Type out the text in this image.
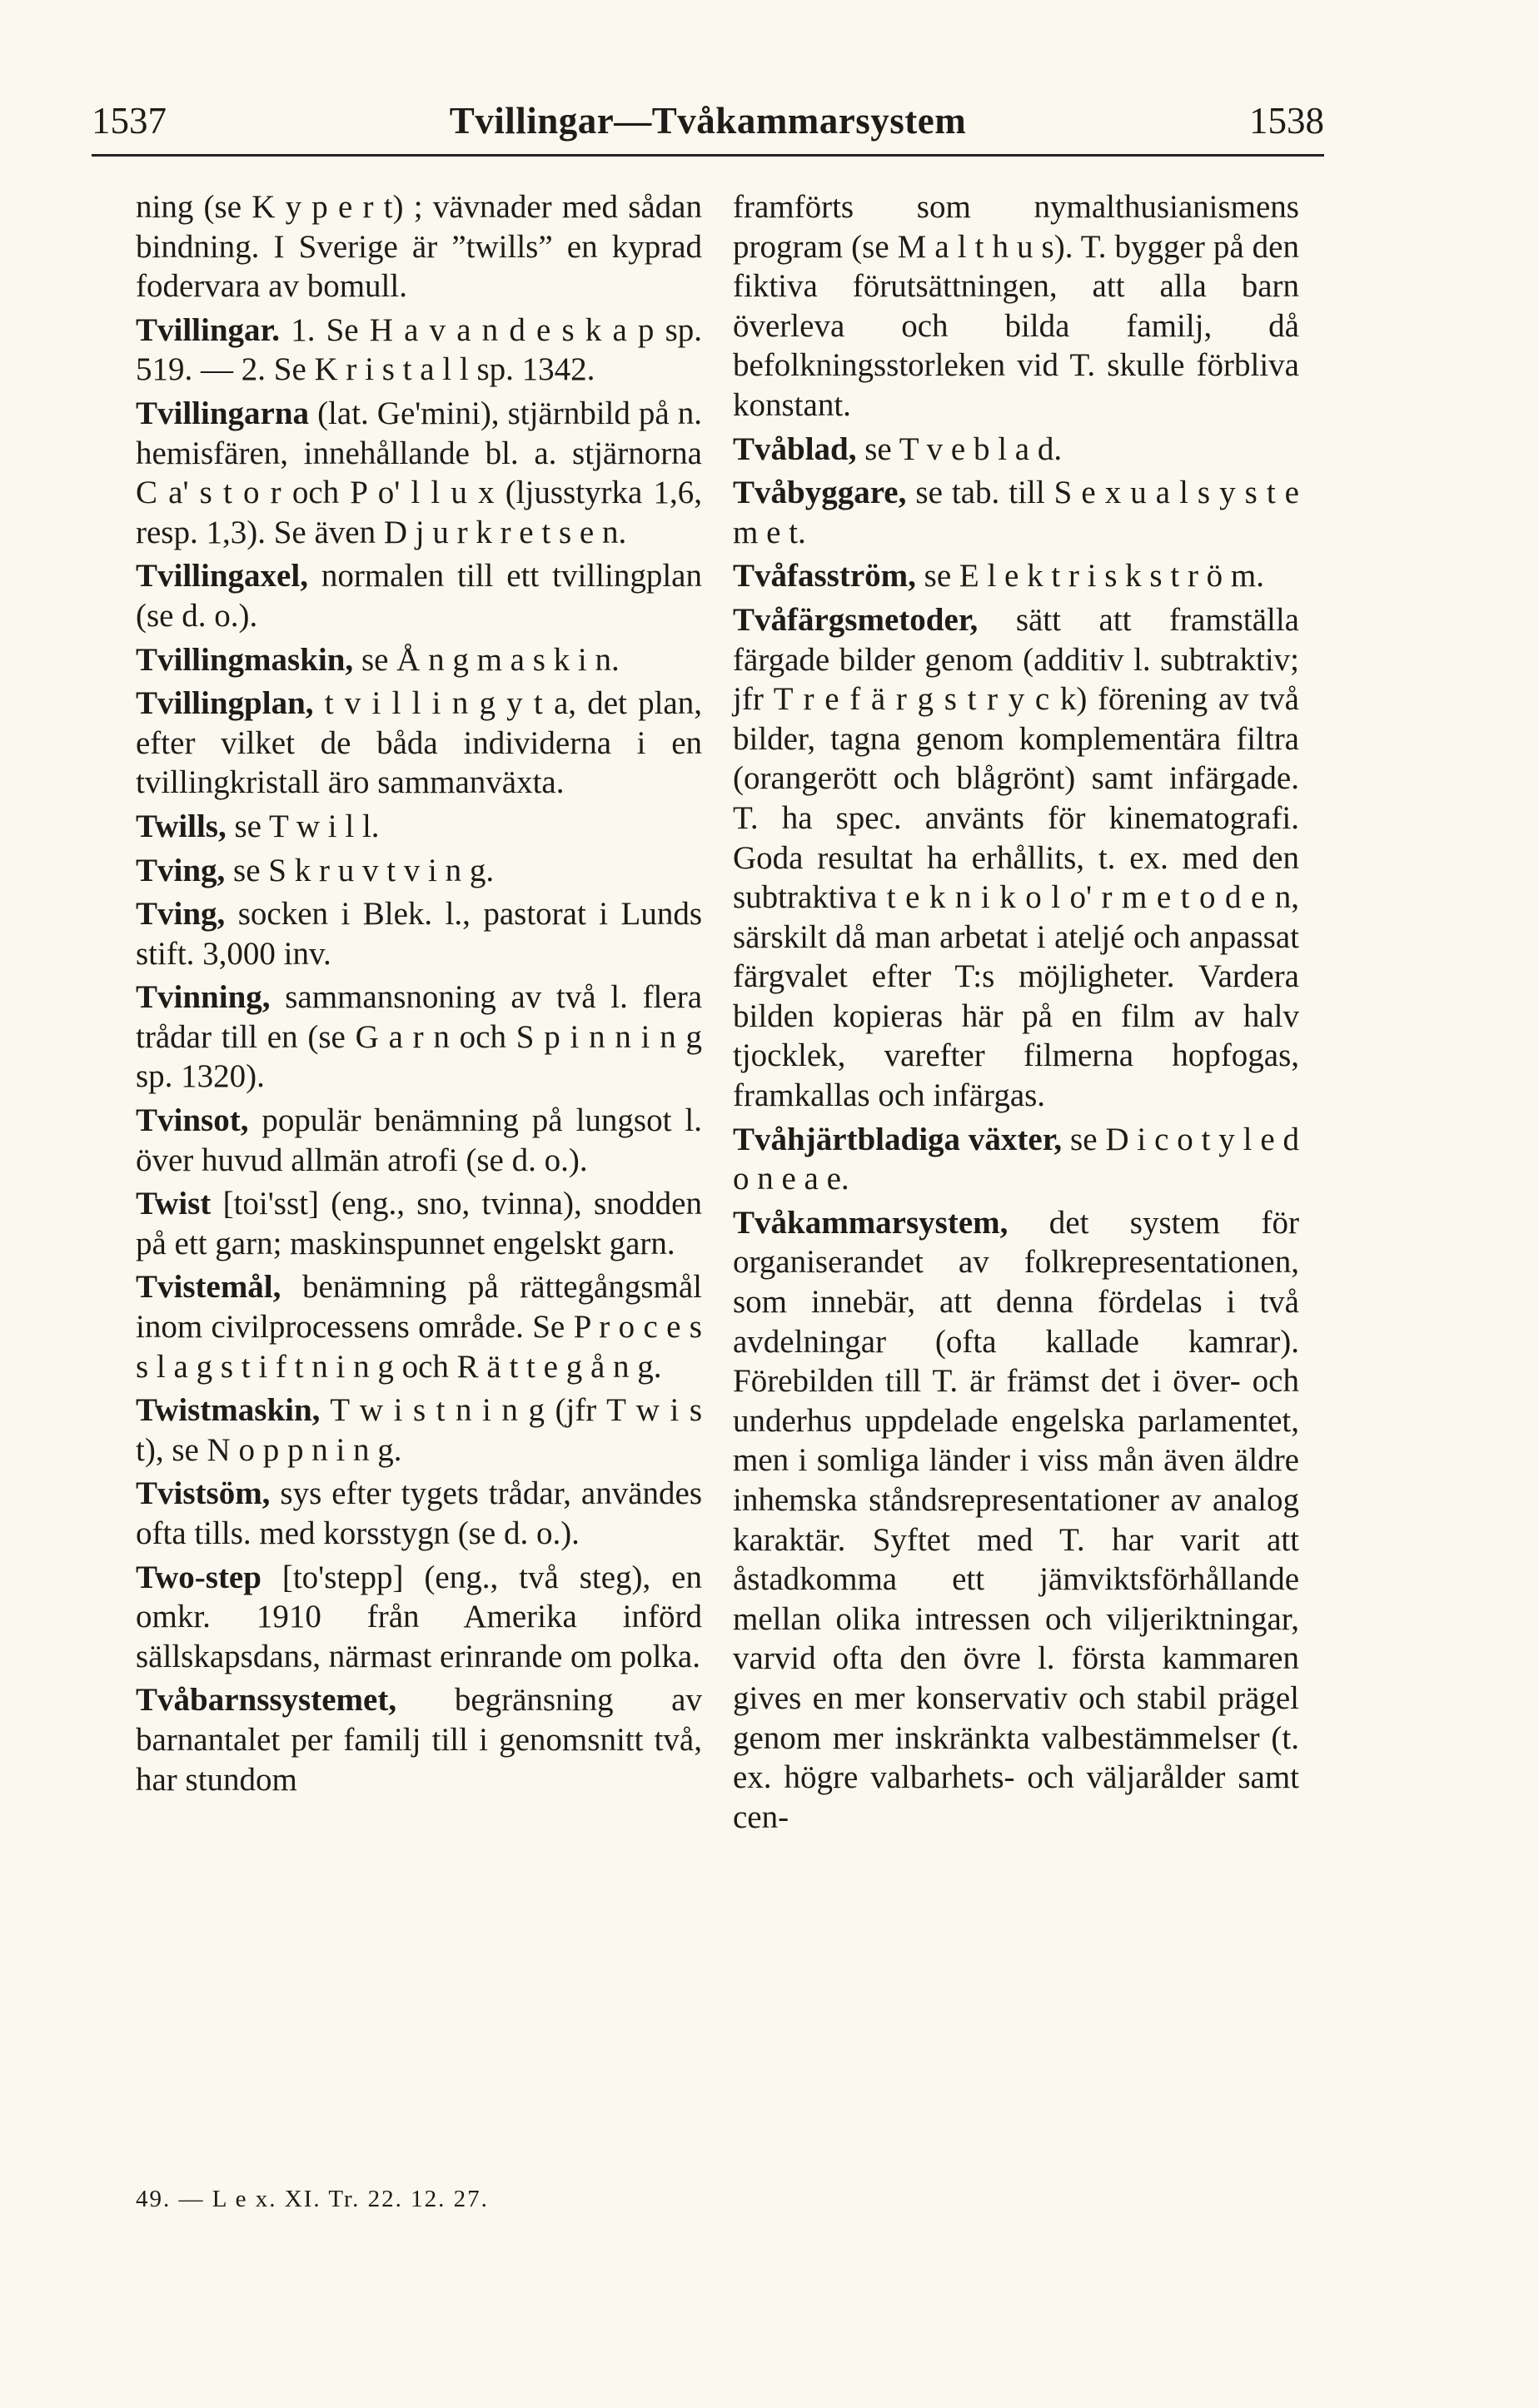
1537	Tvillingar—Tvåkammarsystem	1538

ning (se K y p e r t) ; vävnader med sådan bindning. I Sverige är ”twills” en kyprad fodervara av bomull.

Tvillingar. 1. Se H a v a n d e s k a p sp. 519. — 2. Se K r i s t a l l sp. 1342.

Tvillingarna (lat. Ge'mini), stjärnbild på n. hemisfären, innehållande bl. a. stjärnorna C a' s t o r och P o' l l u x (ljusstyrka 1,6, resp. 1,3). Se även D j u r k r e t s e n.

Tvillingaxel, normalen till ett tvillingplan (se d. o.).

Tvillingmaskin, se Å n g m a s k i n.

Tvillingplan, t v i l l i n g y t a, det plan, efter vilket de båda individerna i en tvillingkristall äro sammanväxta.

Twills, se T w i l l.

Tving, se S k r u v t v i n g.

Tving, socken i Blek. l., pastorat i Lunds stift. 3,000 inv.

Tvinning, sammansnoning av två l. flera trådar till en (se G a r n och S p i n n i n g sp. 1320).

Tvinsot, populär benämning på lungsot l. över huvud allmän atrofi (se d. o.).

Twist [toi'sst] (eng., sno, tvinna), snodden på ett garn; maskinspunnet engelskt garn.

Tvistemål, benämning på rättegångsmål inom civilprocessens område. Se P r o c e s s l a g s t i f t n i n g och R ä t t e g å n g.

Twistmaskin, T w i s t n i n g (jfr T w i s t), se N o p p n i n g.

Tvistsöm, sys efter tygets trådar, användes ofta tills. med korsstygn (se d. o.).

Two-step [to'stepp] (eng., två steg), en omkr. 1910 från Amerika införd sällskapsdans, närmast erinrande om polka.

Tvåbarnssystemet, begränsning av barnantalet per familj till i genomsnitt två, har stundom

framförts som nymalthusianismens program (se M a l t h u s). T. bygger på den fiktiva förutsättningen, att alla barn överleva och bilda familj, då befolkningsstorleken vid T. skulle förbliva konstant.

Tvåblad, se T v e b l a d.

Tvåbyggare, se tab. till S e x u a l s y s t e m e t.

Tvåfasström, se E l e k t r i s k s t r ö m.

Tvåfärgsmetoder, sätt att framställa färgade bilder genom (additiv l. subtraktiv; jfr T r e f ä r g s t r y c k) förening av två bilder, tagna genom komplementära filtra (orangerött och blågrönt) samt infärgade. T. ha spec. använts för kinematografi. Goda resultat ha erhållits, t. ex. med den subtraktiva t e k n i k o l o' r m e t o d e n, särskilt då man arbetat i ateljé och anpassat färgvalet efter T:s möjligheter. Vardera bilden kopieras här på en film av halv tjocklek, varefter filmerna hopfogas, framkallas och infärgas.

Tvåhjärtbladiga växter, se D i c o t y l e d o n e a e.

Tvåkammarsystem, det system för organiserandet av folkrepresentationen, som innebär, att denna fördelas i två avdelningar (ofta kallade kamrar). Förebilden till T. är främst det i över- och underhus uppdelade engelska parlamentet, men i somliga länder i viss mån även äldre inhemska ståndsrepresentationer av analog karaktär. Syftet med T. har varit att åstadkomma ett jämviktsförhållande mellan olika intressen och viljeriktningar, varvid ofta den övre l. första kammaren gives en mer konservativ och stabil prägel genom mer inskränkta valbestämmelser (t. ex. högre valbarhets- och väljarålder samt cen-

49. — L e x. XI. Tr. 22. 12. 27.
